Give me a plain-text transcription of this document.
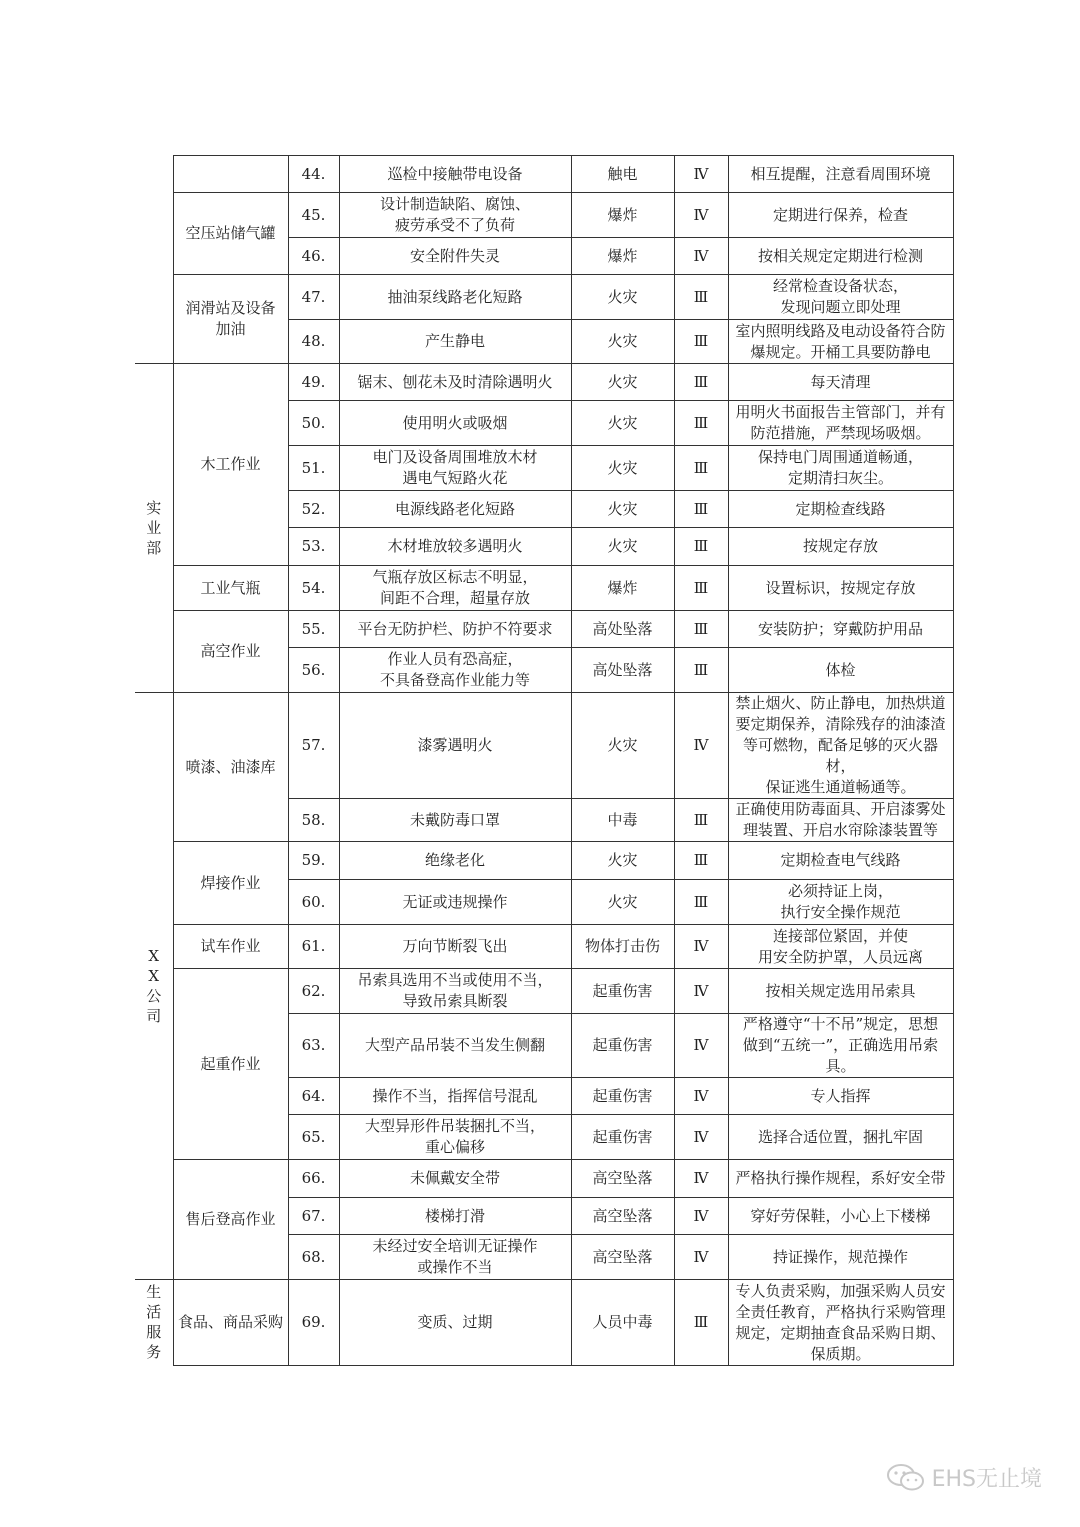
		44.	巡检中接触带电设备	触电	Ⅳ	相互提醒，注意看周围环境
	空压站储气罐	45.	设计制造缺陷、腐蚀、
疲劳承受不了负荷	爆炸	Ⅳ	定期进行保养，检查
		46.	安全附件失灵	爆炸	Ⅳ	按相关规定定期进行检测
	润滑站及设备
加油	47.	抽油泵线路老化短路	火灾	Ⅲ	经常检查设备状态，
发现问题立即处理
		48.	产生静电	火灾	Ⅲ	室内照明线路及电动设备符合防
爆规定。开桶工具要防静电
实业部	木工作业	49.	锯末、刨花未及时清除遇明火	火灾	Ⅲ	每天清理
		50.	使用明火或吸烟	火灾	Ⅲ	用明火书面报告主管部门，并有
防范措施，严禁现场吸烟。
		51.	电门及设备周围堆放木材
遇电气短路火花	火灾	Ⅲ	保持电门周围通道畅通，
定期清扫灰尘。
		52.	电源线路老化短路	火灾	Ⅲ	定期检查线路
		53.	木材堆放较多遇明火	火灾	Ⅲ	按规定存放
	工业气瓶	54.	气瓶存放区标志不明显，
间距不合理，超量存放	爆炸	Ⅲ	设置标识，按规定存放
	高空作业	55.	平台无防护栏、防护不符要求	高处坠落	Ⅲ	安装防护；穿戴防护用品
		56.	作业人员有恐高症，
不具备登高作业能力等	高处坠落	Ⅲ	体检
XX公司	喷漆、油漆库	57.	漆雾遇明火	火灾	Ⅳ	禁止烟火、防止静电，加热烘道
要定期保养，清除残存的油漆渣
等可燃物，配备足够的灭火器材，
保证逃生通道畅通等。
		58.	未戴防毒口罩	中毒	Ⅲ	正确使用防毒面具、开启漆雾处
理装置、开启水帘除漆装置等
	焊接作业	59.	绝缘老化	火灾	Ⅲ	定期检查电气线路
		60.	无证或违规操作	火灾	Ⅲ	必须持证上岗，
执行安全操作规范
	试车作业	61.	万向节断裂飞出	物体打击伤	Ⅳ	连接部位紧固，并使
用安全防护罩，人员远离
	起重作业	62.	吊索具选用不当或使用不当，
导致吊索具断裂	起重伤害	Ⅳ	按相关规定选用吊索具
		63.	大型产品吊装不当发生侧翻	起重伤害	Ⅳ	严格遵守“十不吊”规定，思想
做到“五统一”，正确选用吊索具。
		64.	操作不当，指挥信号混乱	起重伤害	Ⅳ	专人指挥
		65.	大型异形件吊装捆扎不当，
重心偏移	起重伤害	Ⅳ	选择合适位置，捆扎牢固
	售后登高作业	66.	未佩戴安全带	高空坠落	Ⅳ	严格执行操作规程，系好安全带
		67.	楼梯打滑	高空坠落	Ⅳ	穿好劳保鞋，小心上下楼梯
		68.	未经过安全培训无证操作
或操作不当	高空坠落	Ⅳ	持证操作，规范操作
生活服务	食品、商品采购	69.	变质、过期	人员中毒	Ⅲ	专人负责采购，加强采购人员安
全责任教育，严格执行采购管理
规定，定期抽查食品采购日期、
保质期。
EHS无止境
